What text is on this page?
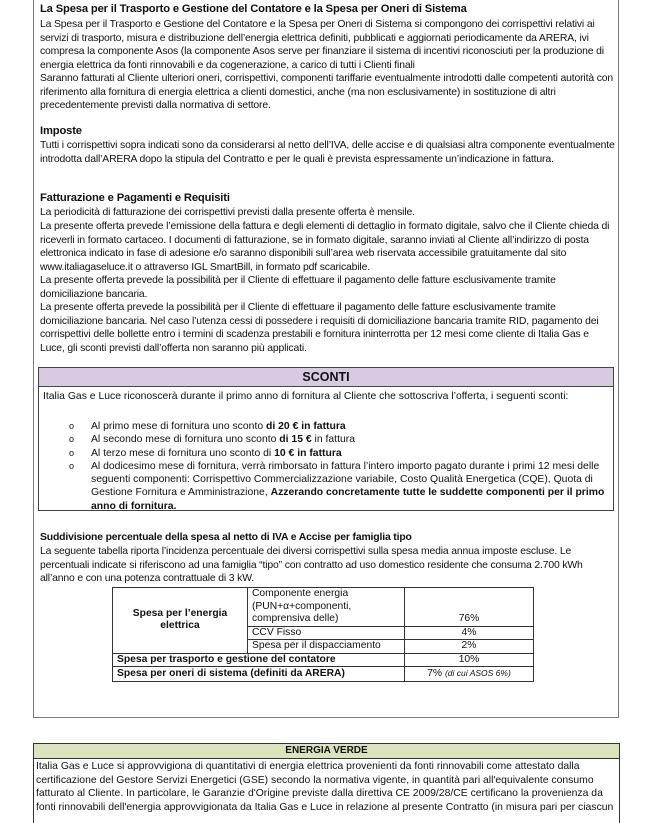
La Spesa per il Trasporto e Gestione del Contatore e la Spesa per Oneri di Sistema

La Spesa per il Trasporto e Gestione del Contatore e la Spesa per Oneri di Sistema si compongono dei corrispettivi relativi ai servizi di trasporto, misura e distribuzione dell’energia elettrica definiti, pubblicati e aggiornati periodicamente da ARERA, ivi compresa la componente Asos (la componente Asos serve per finanziare il sistema di incentivi riconosciuti per la produzione di energia elettrica da fonti rinnovabili e da cogenerazione, a carico di tutti i Clienti finali

Saranno fatturati al Cliente ulteriori oneri, corrispettivi, componenti tariffarie eventualmente introdotti dalle competenti autorità con riferimento alla fornitura di energia elettrica a clienti domestici, anche (ma non esclusivamente) in sostituzione di altri precedentemente previsti dalla normativa di settore.

Imposte

Tutti i corrispettivi sopra indicati sono da considerarsi al netto dell’IVA, delle accise e di qualsiasi altra componente eventualmente introdotta dall’ARERA dopo la stipula del Contratto e per le quali è prevista espressamente un’indicazione in fattura.

Fatturazione e Pagamenti e Requisiti

La periodicità di fatturazione dei corrispettivi previsti dalla presente offerta è mensile.

La presente offerta prevede l’emissione della fattura e degli elementi di dettaglio in formato digitale, salvo che il Cliente chieda di riceverli in formato cartaceo. I documenti di fatturazione, se in formato digitale, saranno inviati al Cliente all’indirizzo di posta elettronica indicato in fase di adesione e/o saranno disponibili sull’area web riservata accessibile gratuitamente dal sito www.italiagaseluce.it o attraverso IGL SmartBill, in formato pdf scaricabile.

La presente offerta prevede la possibilità per il Cliente di effettuare il pagamento delle fatture esclusivamente tramite domiciliazione bancaria.

La presente offerta prevede la possibilità per il Cliente di effettuare il pagamento delle fatture esclusivamente tramite domiciliazione bancaria. Nel caso l’utenza cessi di possedere i requisiti di domiciliazione bancaria tramite RID, pagamento dei corrispettivi delle bollette entro i termini di scadenza prestabili e fornitura ininterrotta per 12 mesi come cliente di Italia Gas e Luce, gli sconti previsti dall’offerta non saranno più applicati.

SCONTI
Italia Gas e Luce riconoscerà durante il primo anno di fornitura al Cliente che sottoscriva l’offerta, i seguenti sconti:
o Al primo mese di fornitura uno sconto di 20 € in fattura
o Al secondo mese di fornitura uno sconto di 15 € in fattura
o Al terzo mese di fornitura uno sconto di 10 € in fattura
o Al dodicesimo mese di fornitura, verrà rimborsato in fattura l’intero importo pagato durante i primi 12 mesi delle seguenti componenti: Corrispettivo Commercializzazione variabile, Costo Qualità Energetica (CQE), Quota di Gestione Fornitura e Amministrazione, Azzerando concretamente tutte le suddette componenti per il primo anno di fornitura.

Suddivisione percentuale della spesa al netto di IVA e Accise per famiglia tipo

La seguente tabella riporta l’incidenza percentuale dei diversi corrispettivi sulla spesa media annua imposte escluse. Le percentuali indicate si riferiscono ad una famiglia “tipo” con contratto ad uso domestico residente che consuma 2.700 kWh all’anno e con una potenza contrattuale di 3 kW.

Spesa per l’energia elettrica	Componente energia (PUN+α+componenti, comprensiva delle)	76%
	CCV Fisso	4%
	Spesa per il dispacciamento	2%
Spesa per trasporto e gestione del contatore		10%
Spesa per oneri di sistema (definiti da ARERA)		7% (di cui ASOS 6%)
ENERGIA VERDE
Italia Gas e Luce si approvvigiona di quantitativi di energia elettrica provenienti da fonti rinnovabili come attestato dalla certificazione del Gestore Servizi Energetici (GSE) secondo la normativa vigente, in quantità pari all'equivalente consumo fatturato al Cliente. In particolare, le Garanzie d'Origine previste dalla direttiva CE 2009/28/CE certificano la provenienza da fonti rinnovabili dell'energia approvvigionata da Italia Gas e Luce in relazione al presente Contratto (in misura pari per ciascun
